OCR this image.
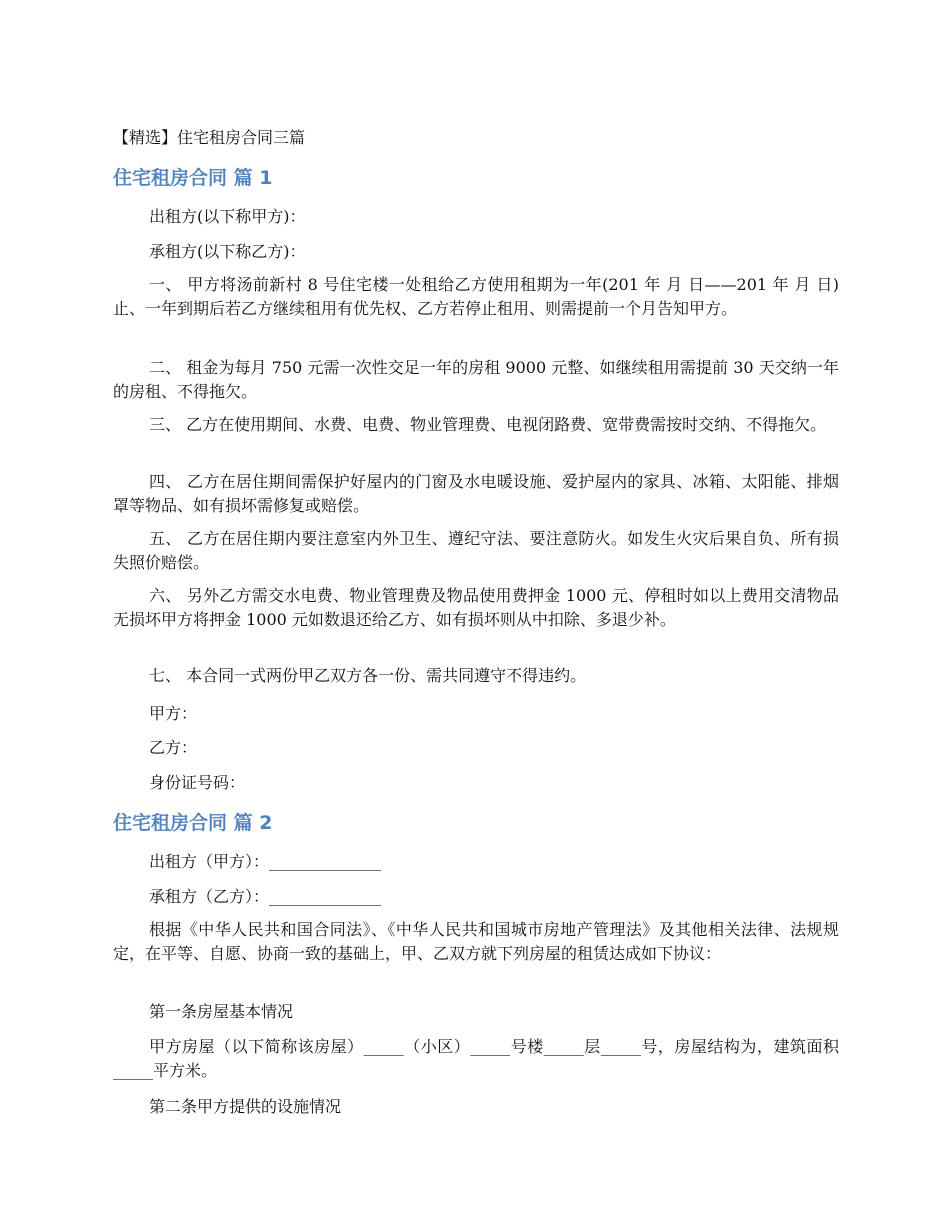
【精选】住宅租房合同三篇

住宅租房合同 篇 1

出租方(以下称甲方)：

承租方(以下称乙方)：

一、 甲方将汤前新村 8 号住宅楼一处租给乙方使用租期为一年(201 年 月 日——201 年 月 日)止、一年到期后若乙方继续租用有优先权、乙方若停止租用、则需提前一个月告知甲方。

二、 租金为每月 750 元需一次性交足一年的房租 9000 元整、如继续租用需提前 30 天交纳一年的房租、不得拖欠。

三、 乙方在使用期间、水费、电费、物业管理费、电视闭路费、宽带费需按时交纳、不得拖欠。

四、 乙方在居住期间需保护好屋内的门窗及水电暖设施、爱护屋内的家具、冰箱、太阳能、排烟罩等物品、如有损坏需修复或赔偿。

五、 乙方在居住期内要注意室内外卫生、遵纪守法、要注意防火。如发生火灾后果自负、所有损失照价赔偿。

六、 另外乙方需交水电费、物业管理费及物品使用费押金 1000 元、停租时如以上费用交清物品无损坏甲方将押金 1000 元如数退还给乙方、如有损坏则从中扣除、多退少补。

七、 本合同一式两份甲乙双方各一份、需共同遵守不得违约。

甲方：

乙方：

身份证号码：

住宅租房合同 篇 2

出租方（甲方）：______________

承租方（乙方）：______________

根据《中华人民共和国合同法》、《中华人民共和国城市房地产管理法》及其他相关法律、法规规定，在平等、自愿、协商一致的基础上，甲、乙双方就下列房屋的租赁达成如下协议：

第一条房屋基本情况

甲方房屋（以下简称该房屋）_____（小区）_____号楼_____层_____号，房屋结构为，建筑面积_____平方米。

第二条甲方提供的设施情况
